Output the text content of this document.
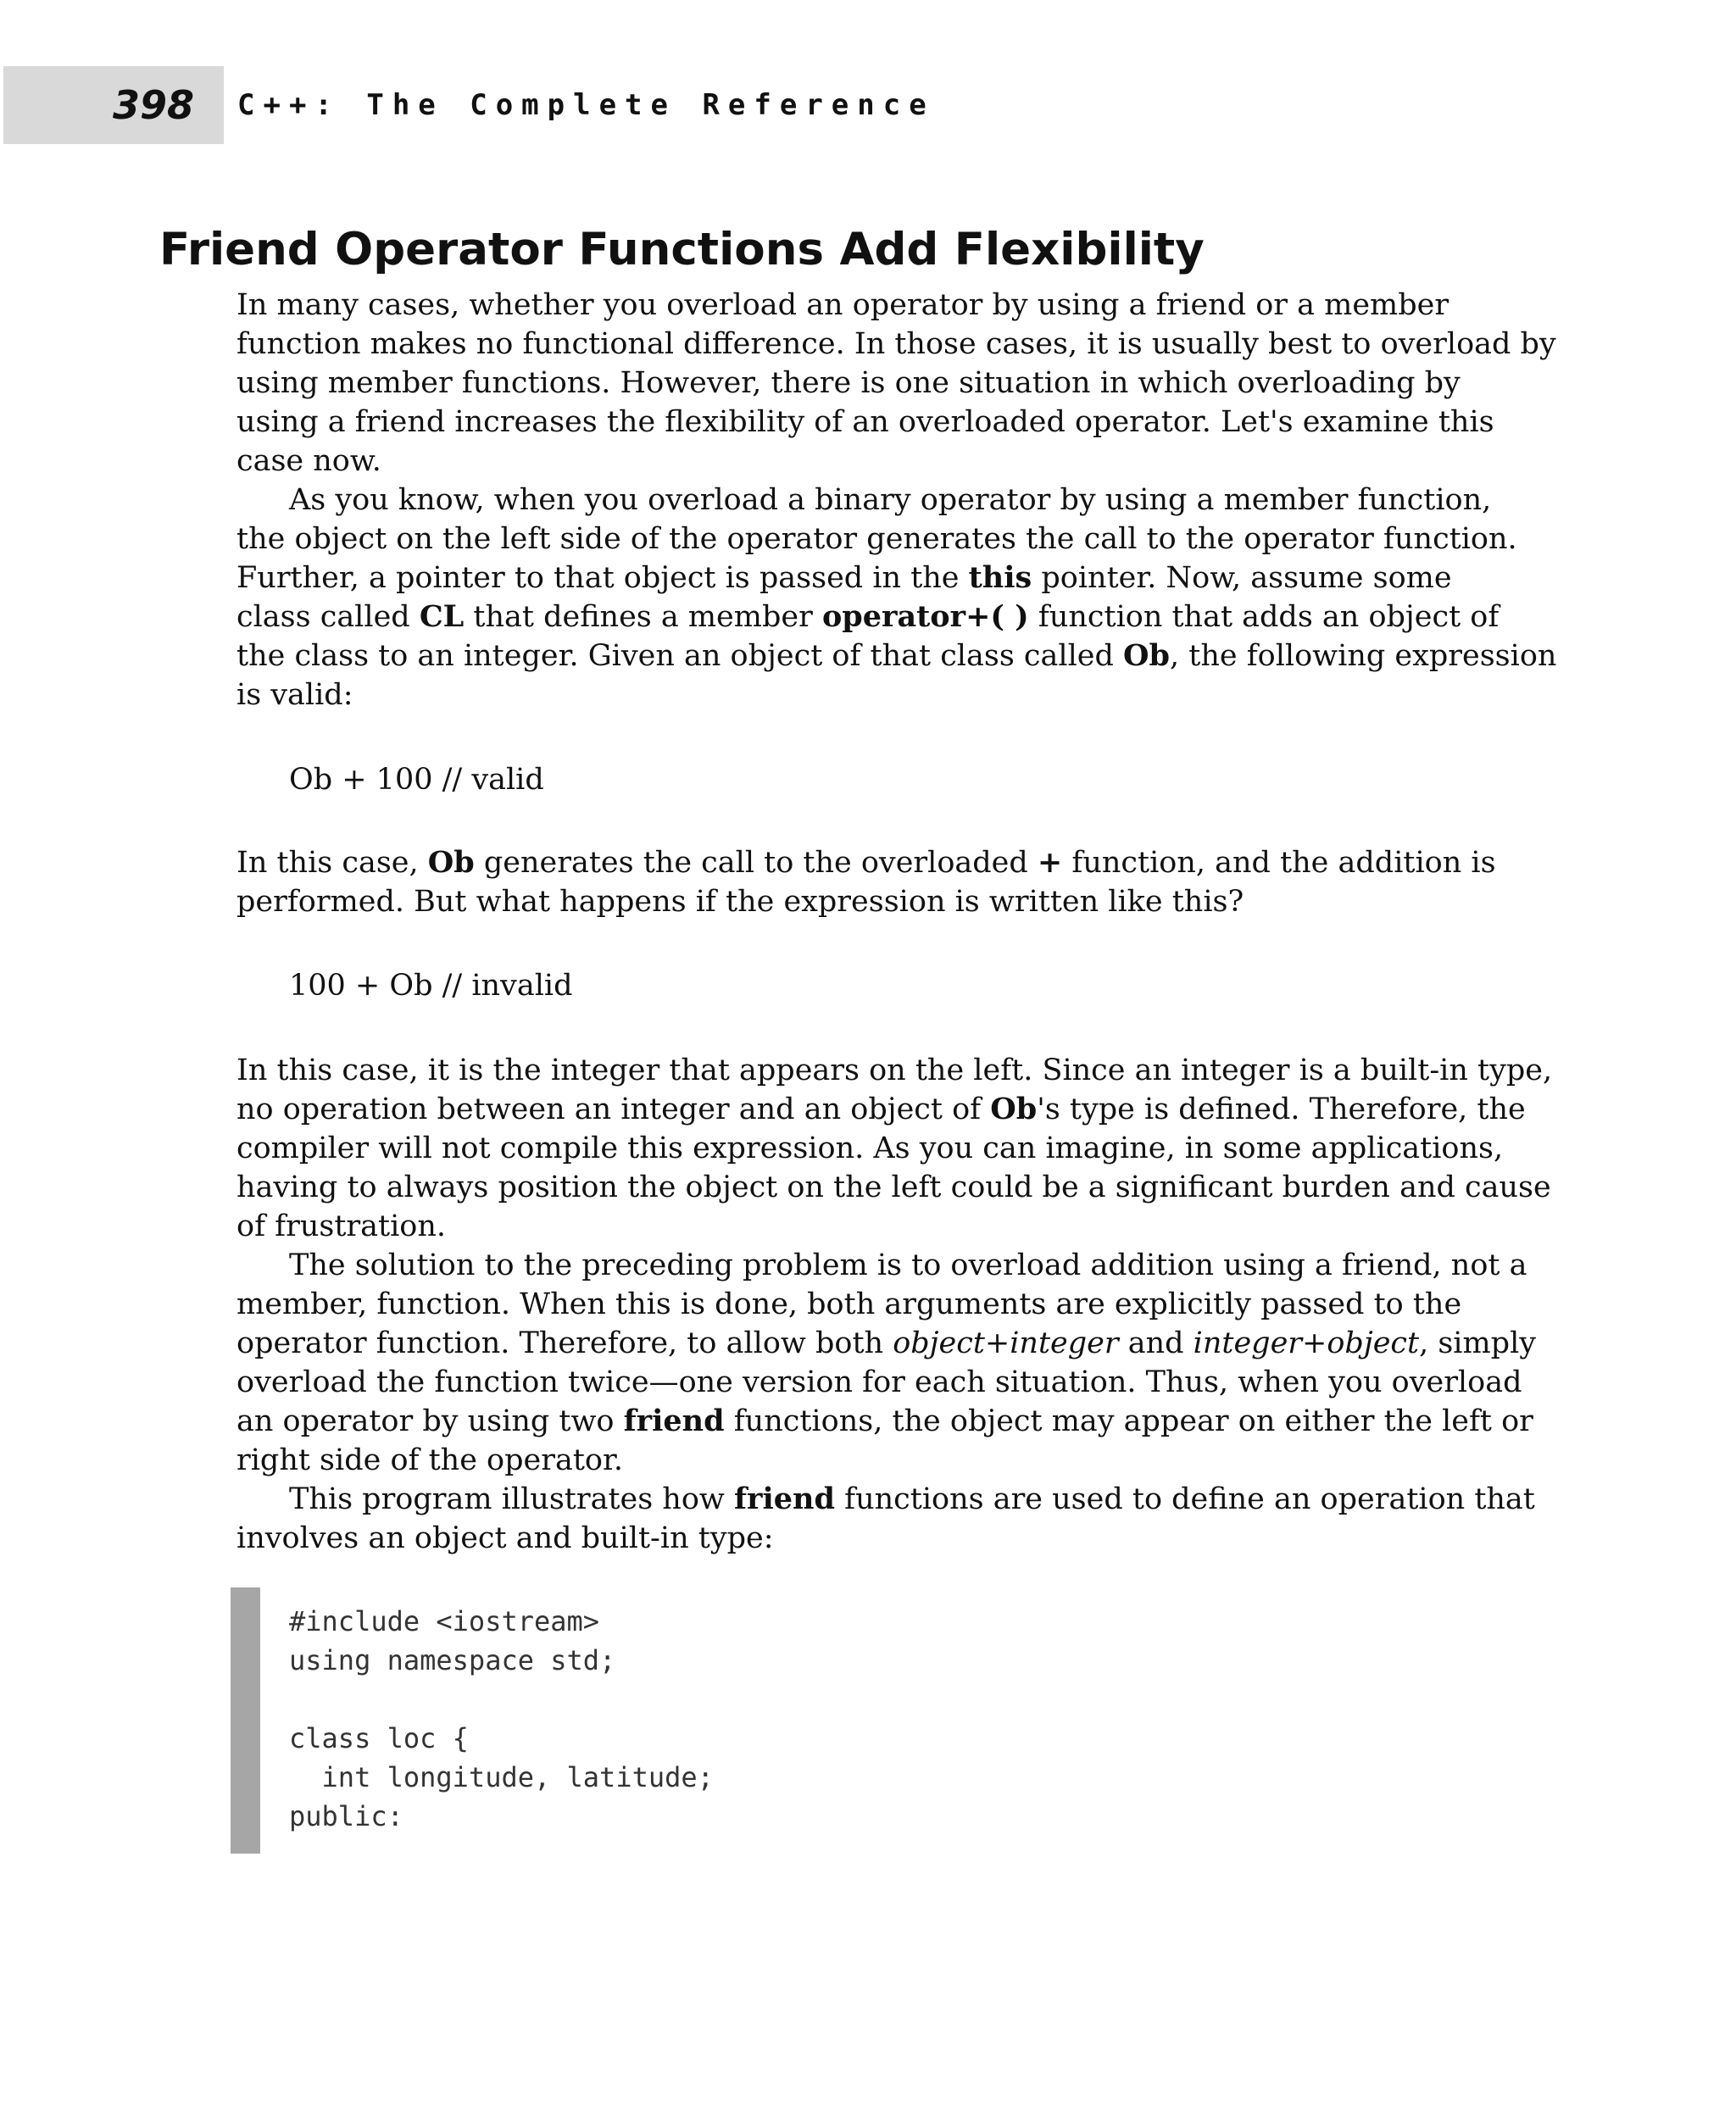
398 C++: The Complete Reference
Friend Operator Functions Add Flexibility
In many cases, whether you overload an operator by using a friend or a member
function makes no functional difference. In those cases, it is usually best to overload by
using member functions. However, there is one situation in which overloading by
using a friend increases the flexibility of an overloaded operator. Let's examine this
case now.
As you know, when you overload a binary operator by using a member function,
the object on the left side of the operator generates the call to the operator function.
Further, a pointer to that object is passed in the this pointer. Now, assume some
class called CL that defines a member operator+( ) function that adds an object of
the class to an integer. Given an object of that class called Ob, the following expression
is valid:
Ob + 100 // valid
In this case, Ob generates the call to the overloaded + function, and the addition is
performed. But what happens if the expression is written like this?
100 + Ob // invalid
In this case, it is the integer that appears on the left. Since an integer is a built-in type,
no operation between an integer and an object of Ob's type is defined. Therefore, the
compiler will not compile this expression. As you can imagine, in some applications,
having to always position the object on the left could be a significant burden and cause
of frustration.
The solution to the preceding problem is to overload addition using a friend, not a
member, function. When this is done, both arguments are explicitly passed to the
operator function. Therefore, to allow both object+integer and integer+object, simply
overload the function twice—one version for each situation. Thus, when you overload
an operator by using two friend functions, the object may appear on either the left or
right side of the operator.
This program illustrates how friend functions are used to define an operation that
involves an object and built-in type:
#include <iostream>
using namespace std;
class loc {
int longitude, latitude;
public:
